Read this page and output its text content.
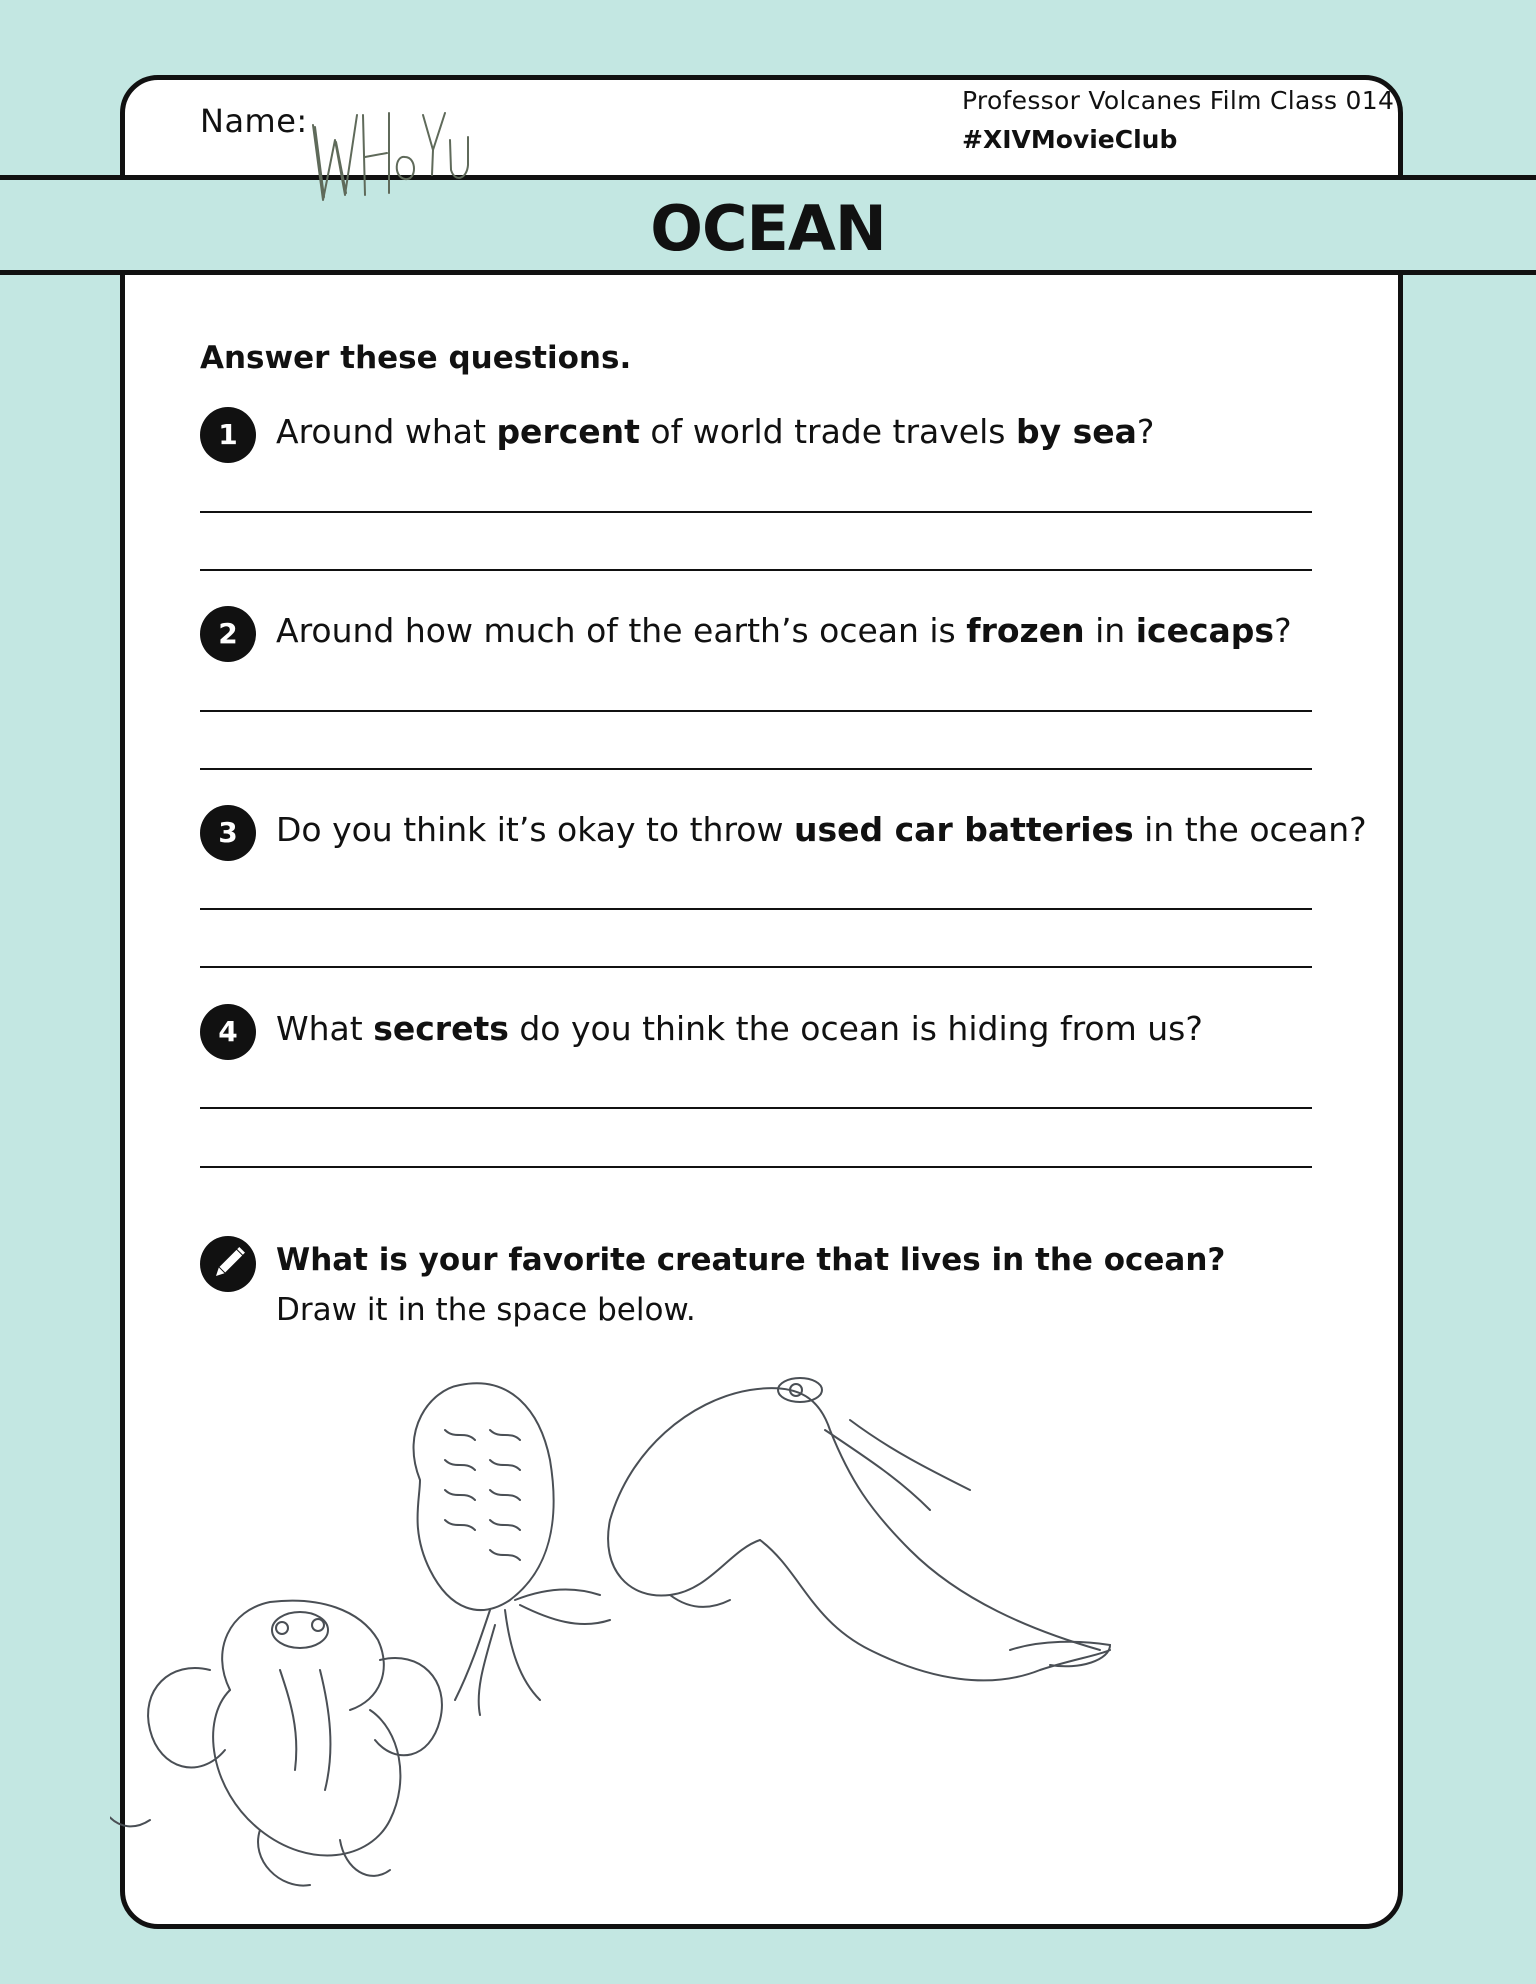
Name:
Professor Volcanes Film Class 014
#XIVMovieClub
OCEAN
Answer these questions.
1	Around what percent of world trade travels by sea?
2	Around how much of the earth’s ocean is frozen in icecaps?
3	Do you think it’s okay to throw used car batteries in the ocean?
4	What secrets do you think the ocean is hiding from us?
What is your favorite creature that lives in the ocean?
Draw it in the space below.
